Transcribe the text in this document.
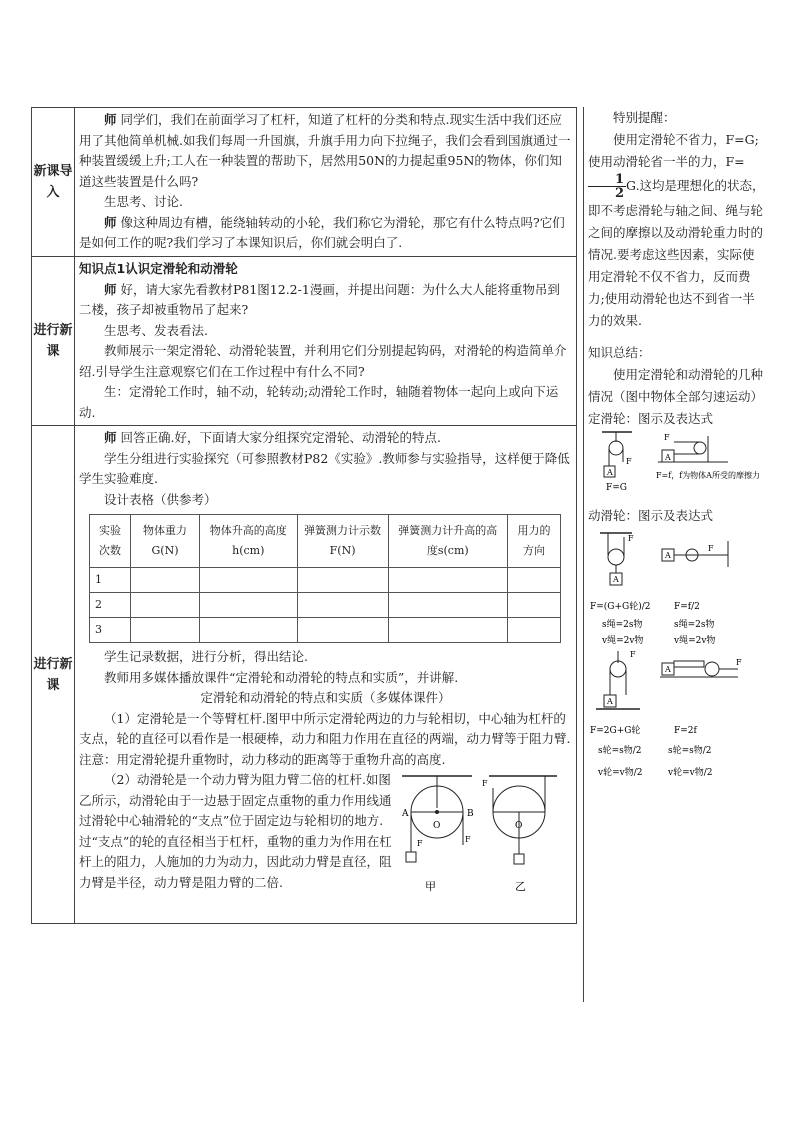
新课导入	

师 同学们，我们在前面学习了杠杆，知道了杠杆的分类和特点.现实生活中我们还应用了其他简单机械.如我们每周一升国旗，升旗手用力向下拉绳子，我们会看到国旗通过一种装置缓缓上升;工人在一种装置的帮助下，居然用50N的力提起重95N的物体，你们知道这些装置是什么吗?

生思考、讨论.

师 像这种周边有槽，能绕轴转动的小轮，我们称它为滑轮，那它有什么特点吗?它们是如何工作的呢?我们学习了本课知识后，你们就会明白了.

进行新课	

知识点1认识定滑轮和动滑轮

师 好，请大家先看教材P81图12.2-1漫画，并提出问题：为什么大人能将重物吊到二楼，孩子却被重物吊了起来?

生思考、发表看法.

教师展示一架定滑轮、动滑轮装置，并利用它们分别提起钩码，对滑轮的构造简单介绍.引导学生注意观察它们在工作过程中有什么不同?

生：定滑轮工作时，轴不动，轮转动;动滑轮工作时，轴随着物体一起向上或向下运动.

进行新课	

师 回答正确.好，下面请大家分组探究定滑轮、动滑轮的特点.

学生分组进行实验探究（可参照教材P82《实验》.教师参与实验指导，这样便于降低学生实验难度.

设计表格（供参考）

实验次数	物体重力G(N)	物体升高的高度h(cm)	弹簧测力计示数F(N)	弹簧测力计升高的高度s(cm)	用力的方向
1					
2					
3					

学生记录数据，进行分析，得出结论.

教师用多媒体播放课件“定滑轮和动滑轮的特点和实质”，并讲解.

定滑轮和动滑轮的特点和实质（多媒体课件）

（1）定滑轮是一个等臂杠杆.图甲中所示定滑轮两边的力与轮相切，中心轴为杠杆的支点，轮的直径可以看作是一根硬棒，动力和阻力作用在直径的两端，动力臂等于阻力臂.

注意：用定滑轮提升重物时，动力移动的距离等于重物升高的高度.

（2）动滑轮是一个动力臂为阻力臂二倍的杠杆.如图乙所示，动滑轮由于一边悬于固定点重物的重力作用线通过滑轮中心轴滑轮的“支点”位于固定边与轮相切的地方.过“支点”的轮的直径相当于杠杆，重物的重力为作用在杠杆上的阻力，人施加的力为动力，因此动力臂是直径，阻力臂是半径，动力臂是阻力臂的二倍.

A	B
O
F
F
甲
F
O
乙

特别提醒：

使用定滑轮不省力，F=G;使用动滑轮省一半的力，F=
$\frac{1}{2} G$.这均是理想化的状态，即不考虑滑轮与轴之间、绳与轮之间的摩擦以及动滑轮重力时的情况.要考虑这些因素，实际使用定滑轮不仅不省力，反而费力;使用动滑轮也达不到省一半力的效果.

知识总结：

使用定滑轮和动滑轮的几种情况（图中物体全部匀速运动）

定滑轮：图示及表达式

A
F
F=G
A
F
F=f，f为物体A所受的摩擦力

动滑轮：图示及表达式

A
F
A
F
F=(G+G轮)/2	F=f/2
s绳=2s物	s绳=2s物
v绳=2v物	v绳=2v物
A
F
A
F
F=2G+G轮	F=2f
s轮=s物/2	s轮=s物/2
v轮=v物/2	v轮=v物/2
